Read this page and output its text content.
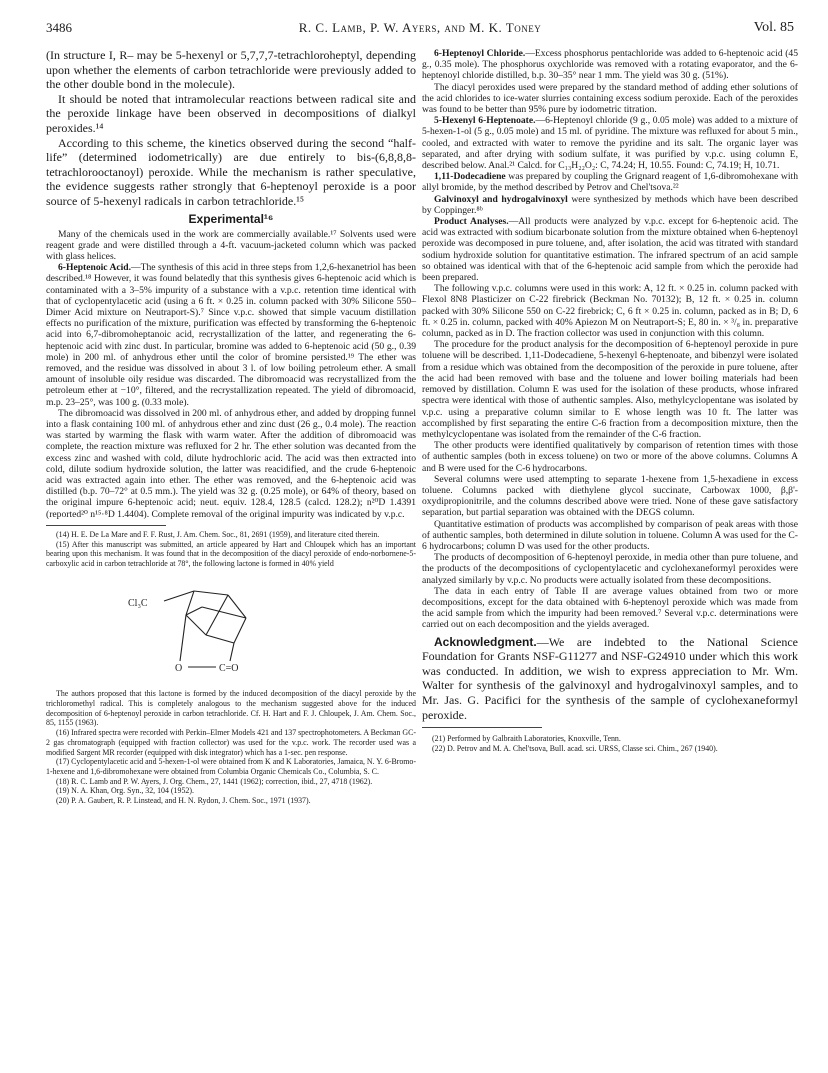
3486	R. C. Lamb, P. W. Ayers, and M. K. Toney	Vol. 85

(In structure I, R– may be 5-hexenyl or 5,7,7,7-tetrachloroheptyl, depending upon whether the elements of carbon tetrachloride were previously added to the other double bond in the molecule).

It should be noted that intramolecular reactions between radical site and the peroxide linkage have been observed in decompositions of dialkyl peroxides.¹⁴

According to this scheme, the kinetics observed during the second “half-life” (determined iodometrically) are due entirely to bis-(6,8,8,8-tetrachlorooctanoyl) peroxide. While the mechanism is rather speculative, the evidence suggests rather strongly that 6-heptenoyl peroxide is a poor source of 5-hexenyl radicals in carbon tetrachloride.¹⁵

Experimental¹⁶

Many of the chemicals used in the work are commercially available.¹⁷ Solvents used were reagent grade and were distilled through a 4-ft. vacuum-jacketed column which was packed with glass helices.

6-Heptenoic Acid.—The synthesis of this acid in three steps from 1,2,6-hexanetriol has been described.¹⁸ However, it was found belatedly that this synthesis gives 6-heptenoic acid which is contaminated with a 3–5% impurity of a substance with a v.p.c. retention time identical with that of cyclopentylacetic acid (using a 6 ft. × 0.25 in. column packed with 30% Silicone 550–Dimer Acid mixture on Neutraport-S).⁷ Since v.p.c. showed that simple vacuum distillation effects no purification of the mixture, purification was effected by transforming the 6-heptenoic acid into 6,7-dibromoheptanoic acid, recrystallization of the latter, and regenerating the 6-heptenoic acid with zinc dust. In particular, bromine was added to 6-heptenoic acid (50 g., 0.39 mole) in 200 ml. of anhydrous ether until the color of bromine persisted.¹⁹ The ether was removed, and the residue was dissolved in about 3 l. of low boiling petroleum ether. A small amount of insoluble oily residue was discarded. The dibromoacid was recrystallized from the petroleum ether at −10°, filtered, and the recrystallization repeated. The yield of dibromoacid, m.p. 23–25°, was 100 g. (0.33 mole).

The dibromoacid was dissolved in 200 ml. of anhydrous ether, and added by dropping funnel into a flask containing 100 ml. of anhydrous ether and zinc dust (26 g., 0.4 mole). The reaction was started by warming the flask with warm water. After the addition of dibromoacid was complete, the reaction mixture was refluxed for 2 hr. The ether solution was decanted from the excess zinc and washed with cold, dilute hydrochloric acid. The acid was then extracted into cold, dilute sodium hydroxide solution, the latter was reacidified, and the crude 6-heptenoic acid was extracted again into ether. The ether was removed, and the 6-heptenoic acid was distilled (b.p. 70–72° at 0.5 mm.). The yield was 32 g. (0.25 mole), or 64% of theory, based on the original impure 6-heptenoic acid; neut. equiv. 128.4, 128.5 (calcd. 128.2); n²⁰D 1.4391 (reported²⁰ n¹⁵·⁸D 1.4404). Complete removal of the original impurity was indicated by v.p.c.

(14) H. E. De La Mare and F. F. Rust, J. Am. Chem. Soc., 81, 2691 (1959), and literature cited therein.

(15) After this manuscript was submitted, an article appeared by Hart and Chloupek which has an important bearing upon this mechanism. It was found that in the decomposition of the diacyl peroxide of endo-norbornene-5-carboxylic acid in carbon tetrachloride at 78°, the following lactone is formed in 40% yield

Cl₃C
O	C=O

The authors proposed that this lactone is formed by the induced decomposition of the diacyl peroxide by the trichloromethyl radical. This is completely analogous to the mechanism suggested above for the induced decomposition of 6-heptenoyl peroxide in carbon tetrachloride. Cf. H. Hart and F. J. Chloupek, J. Am. Chem. Soc., 85, 1155 (1963).

(16) Infrared spectra were recorded with Perkin–Elmer Models 421 and 137 spectrophotometers. A Beckman GC-2 gas chromatograph (equipped with fraction collector) was used for the v.p.c. work. The recorder used was a modified Sargent MR recorder (equipped with disk integrator) which has a 1-sec. pen response.

(17) Cyclopentylacetic acid and 5-hexen-1-ol were obtained from K and K Laboratories, Jamaica, N. Y. 6-Bromo-1-hexene and 1,6-dibromohexane were obtained from Columbia Organic Chemicals Co., Columbia, S. C.

(18) R. C. Lamb and P. W. Ayers, J. Org. Chem., 27, 1441 (1962); correction, ibid., 27, 4718 (1962).

(19) N. A. Khan, Org. Syn., 32, 104 (1952).

(20) P. A. Gaubert, R. P. Linstead, and H. N. Rydon, J. Chem. Soc., 1971 (1937).

6-Heptenoyl Chloride.—Excess phosphorus pentachloride was added to 6-heptenoic acid (45 g., 0.35 mole). The phosphorus oxychloride was removed with a rotating evaporator, and the 6-heptenoyl chloride distilled, b.p. 30–35° near 1 mm. The yield was 30 g. (51%).

The diacyl peroxides used were prepared by the standard method of adding ether solutions of the acid chlorides to ice-water slurries containing excess sodium peroxide. Each of the peroxides was found to be better than 95% pure by iodometric titration.

5-Hexenyl 6-Heptenoate.—6-Heptenoyl chloride (9 g., 0.05 mole) was added to a mixture of 5-hexen-1-ol (5 g., 0.05 mole) and 15 ml. of pyridine. The mixture was refluxed for about 5 min., cooled, and extracted with water to remove the pyridine and its salt. The organic layer was separated, and after drying with sodium sulfate, it was purified by v.p.c. using column E, described below. Anal.²¹ Calcd. for C₁₃H₂₂O₂: C, 74.24; H, 10.55. Found: C, 74.19; H, 10.71.

1,11-Dodecadiene was prepared by coupling the Grignard reagent of 1,6-dibromohexane with allyl bromide, by the method described by Petrov and Chel'tsova.²²

Galvinoxyl and hydrogalvinoxyl were synthesized by methods which have been described by Coppinger.⁸ᵇ

Product Analyses.—All products were analyzed by v.p.c. except for 6-heptenoic acid. The acid was extracted with sodium bicarbonate solution from the mixture obtained when 6-heptenoyl peroxide was decomposed in pure toluene, and, after isolation, the acid was titrated with standard sodium hydroxide solution for quantitative estimation. The infrared spectrum of an acid sample so obtained was identical with that of the 6-heptenoic acid sample from which the peroxide had been prepared.

The following v.p.c. columns were used in this work: A, 12 ft. × 0.25 in. column packed with Flexol 8N8 Plasticizer on C-22 firebrick (Beckman No. 70132); B, 12 ft. × 0.25 in. column packed with 30% Silicone 550 on C-22 firebrick; C, 6 ft × 0.25 in. column, packed as in B; D, 6 ft. × 0.25 in. column, packed with 40% Apiezon M on Neutraport-S; E, 80 in. × ³/₈ in. preparative column, packed as in D. The fraction collector was used in conjunction with this column.

The procedure for the product analysis for the decomposition of 6-heptenoyl peroxide in pure toluene will be described. 1,11-Dodecadiene, 5-hexenyl 6-heptenoate, and bibenzyl were isolated from a residue which was obtained from the decomposition of the peroxide in pure toluene, after the acid had been removed with base and the toluene and lower boiling materials had been removed by distillation. Column E was used for the isolation of these products, whose infrared spectra were identical with those of authentic samples. Also, methylcyclopentane was isolated by v.p.c. using a preparative column similar to E whose length was 10 ft. The latter was accomplished by first separating the entire C-6 fraction from a decomposition mixture, then the methylcyclopentane was isolated from the remainder of the C-6 fraction.

The other products were identified qualitatively by comparison of retention times with those of authentic samples (both in excess toluene) on two or more of the above columns. Columns A and B were used for the C-6 hydrocarbons.

Several columns were used attempting to separate 1-hexene from 1,5-hexadiene in excess toluene. Columns packed with diethylene glycol succinate, Carbowax 1000, β,β'-oxydipropionitrile, and the columns described above were tried. None of these gave satisfactory separation, but partial separation was obtained with the DEGS column.

Quantitative estimation of products was accomplished by comparison of peak areas with those of authentic samples, both determined in dilute solution in toluene. Column A was used for the C-6 hydrocarbons; column D was used for the other products.

The products of decomposition of 6-heptenoyl peroxide, in media other than pure toluene, and the products of the decompositions of cyclopentylacetic and cyclohexaneformyl peroxides were analyzed similarly by v.p.c. No products were actually isolated from these decompositions.

The data in each entry of Table II are average values obtained from two or more decompositions, except for the data obtained with 6-heptenoyl peroxide which was made from the acid sample from which the impurity had been removed.⁷ Several v.p.c. determinations were carried out on each decomposition and the yields averaged.

Acknowledgment.—We are indebted to the National Science Foundation for Grants NSF-G11277 and NSF-G24910 under which this work was conducted. In addition, we wish to express appreciation to Mr. Wm. Walter for synthesis of the galvinoxyl and hydrogalvinoxyl samples, and to Mr. Jas. G. Pacifici for the synthesis of the sample of cyclohexaneformyl peroxide.

(21) Performed by Galbraith Laboratories, Knoxville, Tenn.

(22) D. Petrov and M. A. Chel'tsova, Bull. acad. sci. URSS, Classe sci. Chim., 267 (1940).
